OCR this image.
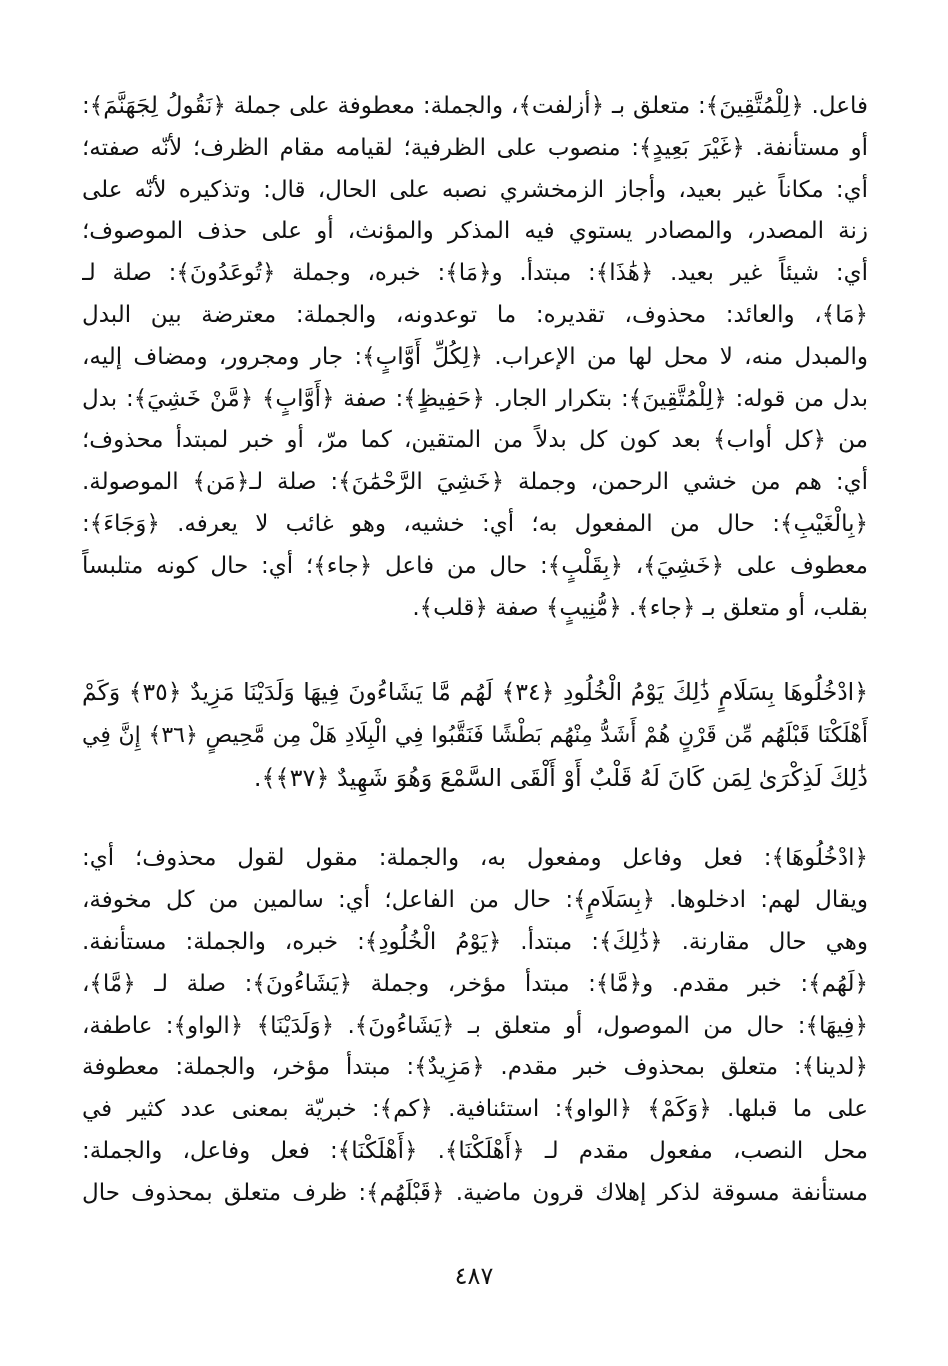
فاعل. ﴿لِلْمُتَّقِينَ﴾: متعلق بـ ﴿أزلفت﴾، والجملة: معطوفة على جملة ﴿نَقُولُ لِجَهَنَّمَ﴾:
أو مستأنفة. ﴿غَيْرَ بَعِيدٍ﴾: منصوب على الظرفية؛ لقيامه مقام الظرف؛ لأنّه صفته؛
أي: مكاناً غير بعيد، وأجاز الزمخشري نصبه على الحال، قال: وتذكيره لأنّه على
زنة المصدر، والمصادر يستوي فيه المذكر والمؤنث، أو على حذف الموصوف؛
أي: شيئاً غير بعيد. ﴿هَٰذَا﴾: مبتدأ. و﴿مَا﴾: خبره، وجملة ﴿تُوعَدُونَ﴾: صلة لـ
﴿مَا﴾، والعائد: محذوف، تقديره: ما توعدونه، والجملة: معترضة بين البدل
والمبدل منه، لا محل لها من الإعراب. ﴿لِكُلِّ أَوَّابٍ﴾: جار ومجرور، ومضاف إليه،
بدل من قوله: ﴿لِلْمُتَّقِينَ﴾: بتكرار الجار. ﴿حَفِيظٍ﴾: صفة ﴿أَوَّابٍ﴾ ﴿مَّنْ خَشِيَ﴾: بدل
من ﴿كل أواب﴾ بعد كون كل بدلاً من المتقين، كما مرّ، أو خبر لمبتدأ محذوف؛
أي: هم من خشي الرحمن، وجملة ﴿خَشِيَ الرَّحْمَٰنَ﴾: صلة لـ﴿مَن﴾ الموصولة.
﴿بِالْغَيْبِ﴾: حال من المفعول به؛ أي: خشيه، وهو غائب لا يعرفه. ﴿وَجَاءَ﴾:
معطوف على ﴿خَشِيَ﴾، ﴿بِقَلْبٍ﴾: حال من فاعل ﴿جاء﴾؛ أي: حال كونه متلبساً
بقلب، أو متعلق بـ ﴿جاء﴾. ﴿مُّنِيبٍ﴾ صفة ﴿قلب﴾.

﴿ادْخُلُوهَا بِسَلَامٍ ذَٰلِكَ يَوْمُ الْخُلُودِ ﴿٣٤﴾ لَهُم مَّا يَشَاءُونَ فِيهَا وَلَدَيْنَا مَزِيدٌ ﴿٣٥﴾ وَكَمْ
أَهْلَكْنَا قَبْلَهُم مِّن قَرْنٍ هُمْ أَشَدُّ مِنْهُم بَطْشًا فَنَقَّبُوا فِي الْبِلَادِ هَلْ مِن مَّحِيصٍ ﴿٣٦﴾ إِنَّ فِي
ذَٰلِكَ لَذِكْرَىٰ لِمَن كَانَ لَهُ قَلْبٌ أَوْ أَلْقَى السَّمْعَ وَهُوَ شَهِيدٌ ﴿٣٧﴾﴾.

﴿ادْخُلُوهَا﴾: فعل وفاعل ومفعول به، والجملة: مقول لقول محذوف؛ أي:
ويقال لهم: ادخلوها. ﴿بِسَلَامٍ﴾: حال من الفاعل؛ أي: سالمين من كل مخوفة،
وهي حال مقارنة. ﴿ذَٰلِكَ﴾: مبتدأ. ﴿يَوْمُ الْخُلُودِ﴾: خبره، والجملة: مستأنفة.
﴿لَهُم﴾: خبر مقدم. و﴿مَّا﴾: مبتدأ مؤخر، وجملة ﴿يَشَاءُونَ﴾: صلة لـ ﴿مَّا﴾،
﴿فِيهَا﴾: حال من الموصول، أو متعلق بـ ﴿يَشَاءُونَ﴾. ﴿وَلَدَيْنَا﴾ ﴿الواو﴾: عاطفة،
﴿لدينا﴾: متعلق بمحذوف خبر مقدم. ﴿مَزِيدٌ﴾: مبتدأ مؤخر، والجملة: معطوفة
على ما قبلها. ﴿وَكَمْ﴾ ﴿الواو﴾: استئنافية. ﴿كم﴾: خبريّة بمعنى عدد كثير في
محل النصب، مفعول مقدم لـ ﴿أَهْلَكْنَا﴾. ﴿أَهْلَكْنَا﴾: فعل وفاعل، والجملة:
مستأنفة مسوقة لذكر إهلاك قرون ماضية. ﴿قَبْلَهُم﴾: ظرف متعلق بمحذوف حال

٤٨٧
